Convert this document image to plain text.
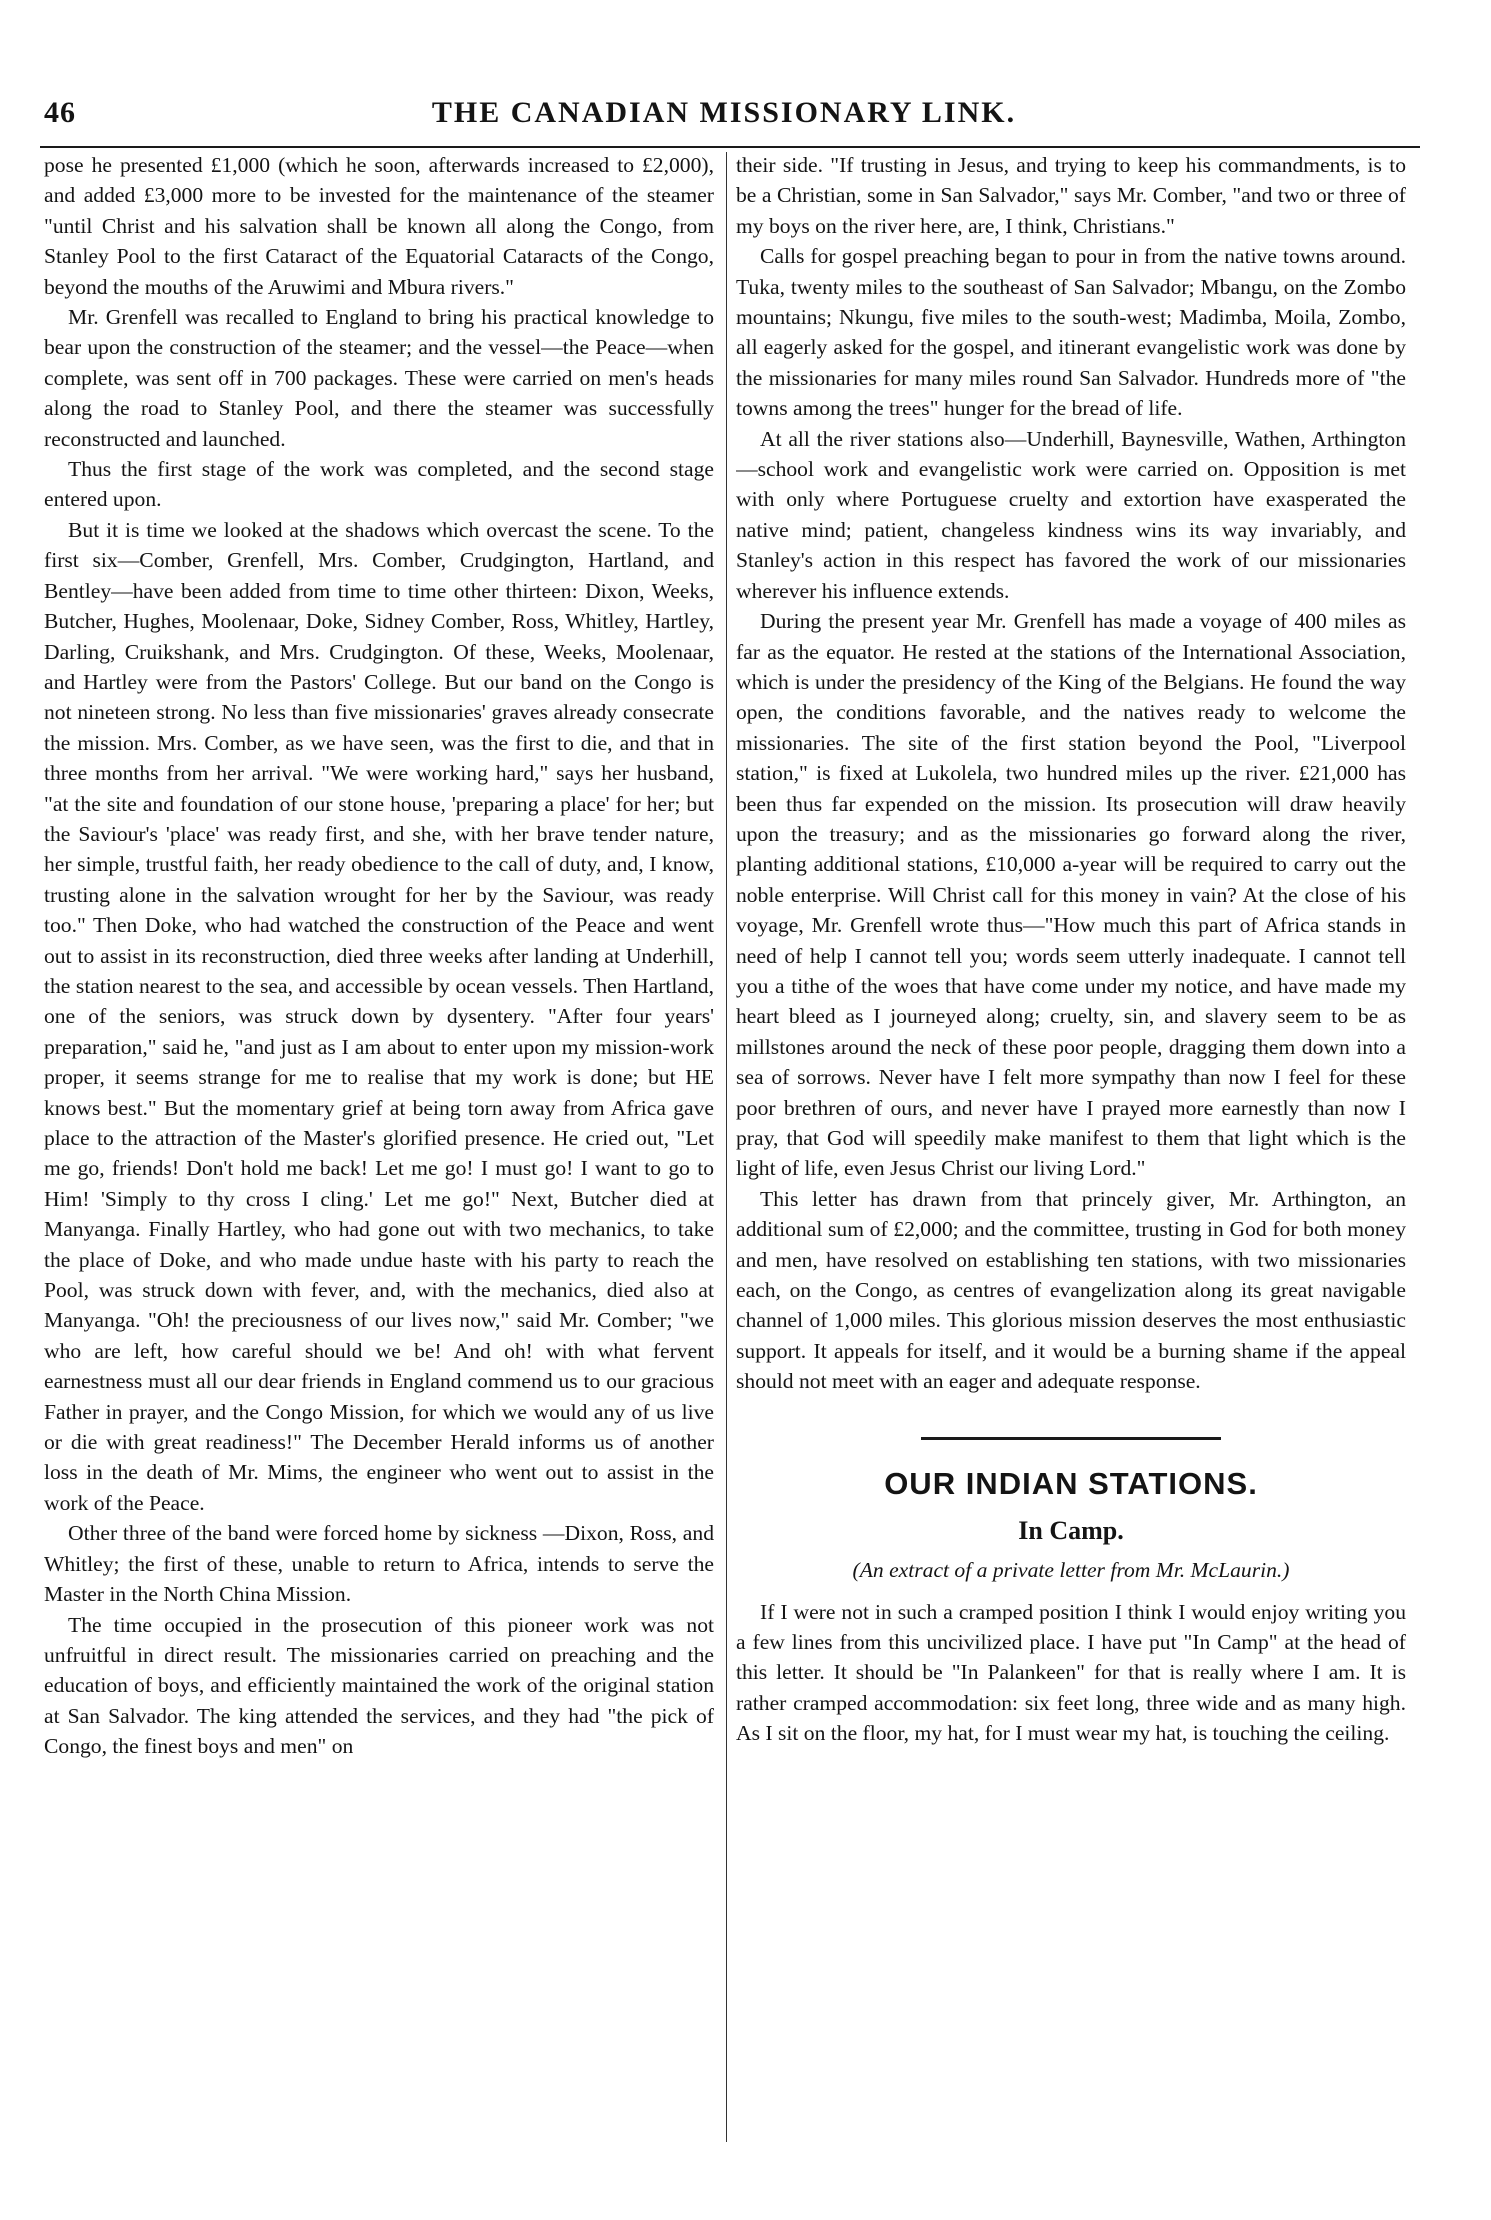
46	THE CANADIAN MISSIONARY LINK.

pose he presented £1,000 (which he soon, afterwards increased to £2,000), and added £3,000 more to be invested for the maintenance of the steamer "until Christ and his salvation shall be known all along the Congo, from Stanley Pool to the first Cataract of the Equatorial Cataracts of the Congo, beyond the mouths of the Aruwimi and Mbura rivers."

Mr. Grenfell was recalled to England to bring his practical knowledge to bear upon the construction of the steamer; and the vessel—the Peace—when complete, was sent off in 700 packages. These were carried on men's heads along the road to Stanley Pool, and there the steamer was successfully reconstructed and launched.

Thus the first stage of the work was completed, and the second stage entered upon.

But it is time we looked at the shadows which overcast the scene. To the first six—Comber, Grenfell, Mrs. Comber, Crudgington, Hartland, and Bentley—have been added from time to time other thirteen: Dixon, Weeks, Butcher, Hughes, Moolenaar, Doke, Sidney Comber, Ross, Whitley, Hartley, Darling, Cruikshank, and Mrs. Crudgington. Of these, Weeks, Moolenaar, and Hartley were from the Pastors' College. But our band on the Congo is not nineteen strong. No less than five missionaries' graves already consecrate the mission. Mrs. Comber, as we have seen, was the first to die, and that in three months from her arrival. "We were working hard," says her husband, "at the site and foundation of our stone house, 'preparing a place' for her; but the Saviour's 'place' was ready first, and she, with her brave tender nature, her simple, trustful faith, her ready obedience to the call of duty, and, I know, trusting alone in the salvation wrought for her by the Saviour, was ready too." Then Doke, who had watched the construction of the Peace and went out to assist in its reconstruction, died three weeks after landing at Underhill, the station nearest to the sea, and accessible by ocean vessels. Then Hartland, one of the seniors, was struck down by dysentery. "After four years' preparation," said he, "and just as I am about to enter upon my mission-work proper, it seems strange for me to realise that my work is done; but HE knows best." But the momentary grief at being torn away from Africa gave place to the attraction of the Master's glorified presence. He cried out, "Let me go, friends! Don't hold me back! Let me go! I must go! I want to go to Him! 'Simply to thy cross I cling.' Let me go!" Next, Butcher died at Manyanga. Finally Hartley, who had gone out with two mechanics, to take the place of Doke, and who made undue haste with his party to reach the Pool, was struck down with fever, and, with the mechanics, died also at Manyanga. "Oh! the preciousness of our lives now," said Mr. Comber; "we who are left, how careful should we be! And oh! with what fervent earnestness must all our dear friends in England commend us to our gracious Father in prayer, and the Congo Mission, for which we would any of us live or die with great readiness!" The December Herald informs us of another loss in the death of Mr. Mims, the engineer who went out to assist in the work of the Peace.

Other three of the band were forced home by sickness —Dixon, Ross, and Whitley; the first of these, unable to return to Africa, intends to serve the Master in the North China Mission.

The time occupied in the prosecution of this pioneer work was not unfruitful in direct result. The missionaries carried on preaching and the education of boys, and efficiently maintained the work of the original station at San Salvador. The king attended the services, and they had "the pick of Congo, the finest boys and men" on

their side. "If trusting in Jesus, and trying to keep his commandments, is to be a Christian, some in San Salvador," says Mr. Comber, "and two or three of my boys on the river here, are, I think, Christians."

Calls for gospel preaching began to pour in from the native towns around. Tuka, twenty miles to the southeast of San Salvador; Mbangu, on the Zombo mountains; Nkungu, five miles to the south-west; Madimba, Moila, Zombo, all eagerly asked for the gospel, and itinerant evangelistic work was done by the missionaries for many miles round San Salvador. Hundreds more of "the towns among the trees" hunger for the bread of life.

At all the river stations also—Underhill, Baynesville, Wathen, Arthington—school work and evangelistic work were carried on. Opposition is met with only where Portuguese cruelty and extortion have exasperated the native mind; patient, changeless kindness wins its way invariably, and Stanley's action in this respect has favored the work of our missionaries wherever his influence extends.

During the present year Mr. Grenfell has made a voyage of 400 miles as far as the equator. He rested at the stations of the International Association, which is under the presidency of the King of the Belgians. He found the way open, the conditions favorable, and the natives ready to welcome the missionaries. The site of the first station beyond the Pool, "Liverpool station," is fixed at Lukolela, two hundred miles up the river. £21,000 has been thus far expended on the mission. Its prosecution will draw heavily upon the treasury; and as the missionaries go forward along the river, planting additional stations, £10,000 a-year will be required to carry out the noble enterprise. Will Christ call for this money in vain? At the close of his voyage, Mr. Grenfell wrote thus—"How much this part of Africa stands in need of help I cannot tell you; words seem utterly inadequate. I cannot tell you a tithe of the woes that have come under my notice, and have made my heart bleed as I journeyed along; cruelty, sin, and slavery seem to be as millstones around the neck of these poor people, dragging them down into a sea of sorrows. Never have I felt more sympathy than now I feel for these poor brethren of ours, and never have I prayed more earnestly than now I pray, that God will speedily make manifest to them that light which is the light of life, even Jesus Christ our living Lord."

This letter has drawn from that princely giver, Mr. Arthington, an additional sum of £2,000; and the committee, trusting in God for both money and men, have resolved on establishing ten stations, with two missionaries each, on the Congo, as centres of evangelization along its great navigable channel of 1,000 miles. This glorious mission deserves the most enthusiastic support. It appeals for itself, and it would be a burning shame if the appeal should not meet with an eager and adequate response.

OUR INDIAN STATIONS.
In Camp.
(An extract of a private letter from Mr. McLaurin.)

If I were not in such a cramped position I think I would enjoy writing you a few lines from this uncivilized place. I have put "In Camp" at the head of this letter. It should be "In Palankeen" for that is really where I am. It is rather cramped accommodation: six feet long, three wide and as many high. As I sit on the floor, my hat, for I must wear my hat, is touching the ceiling.
